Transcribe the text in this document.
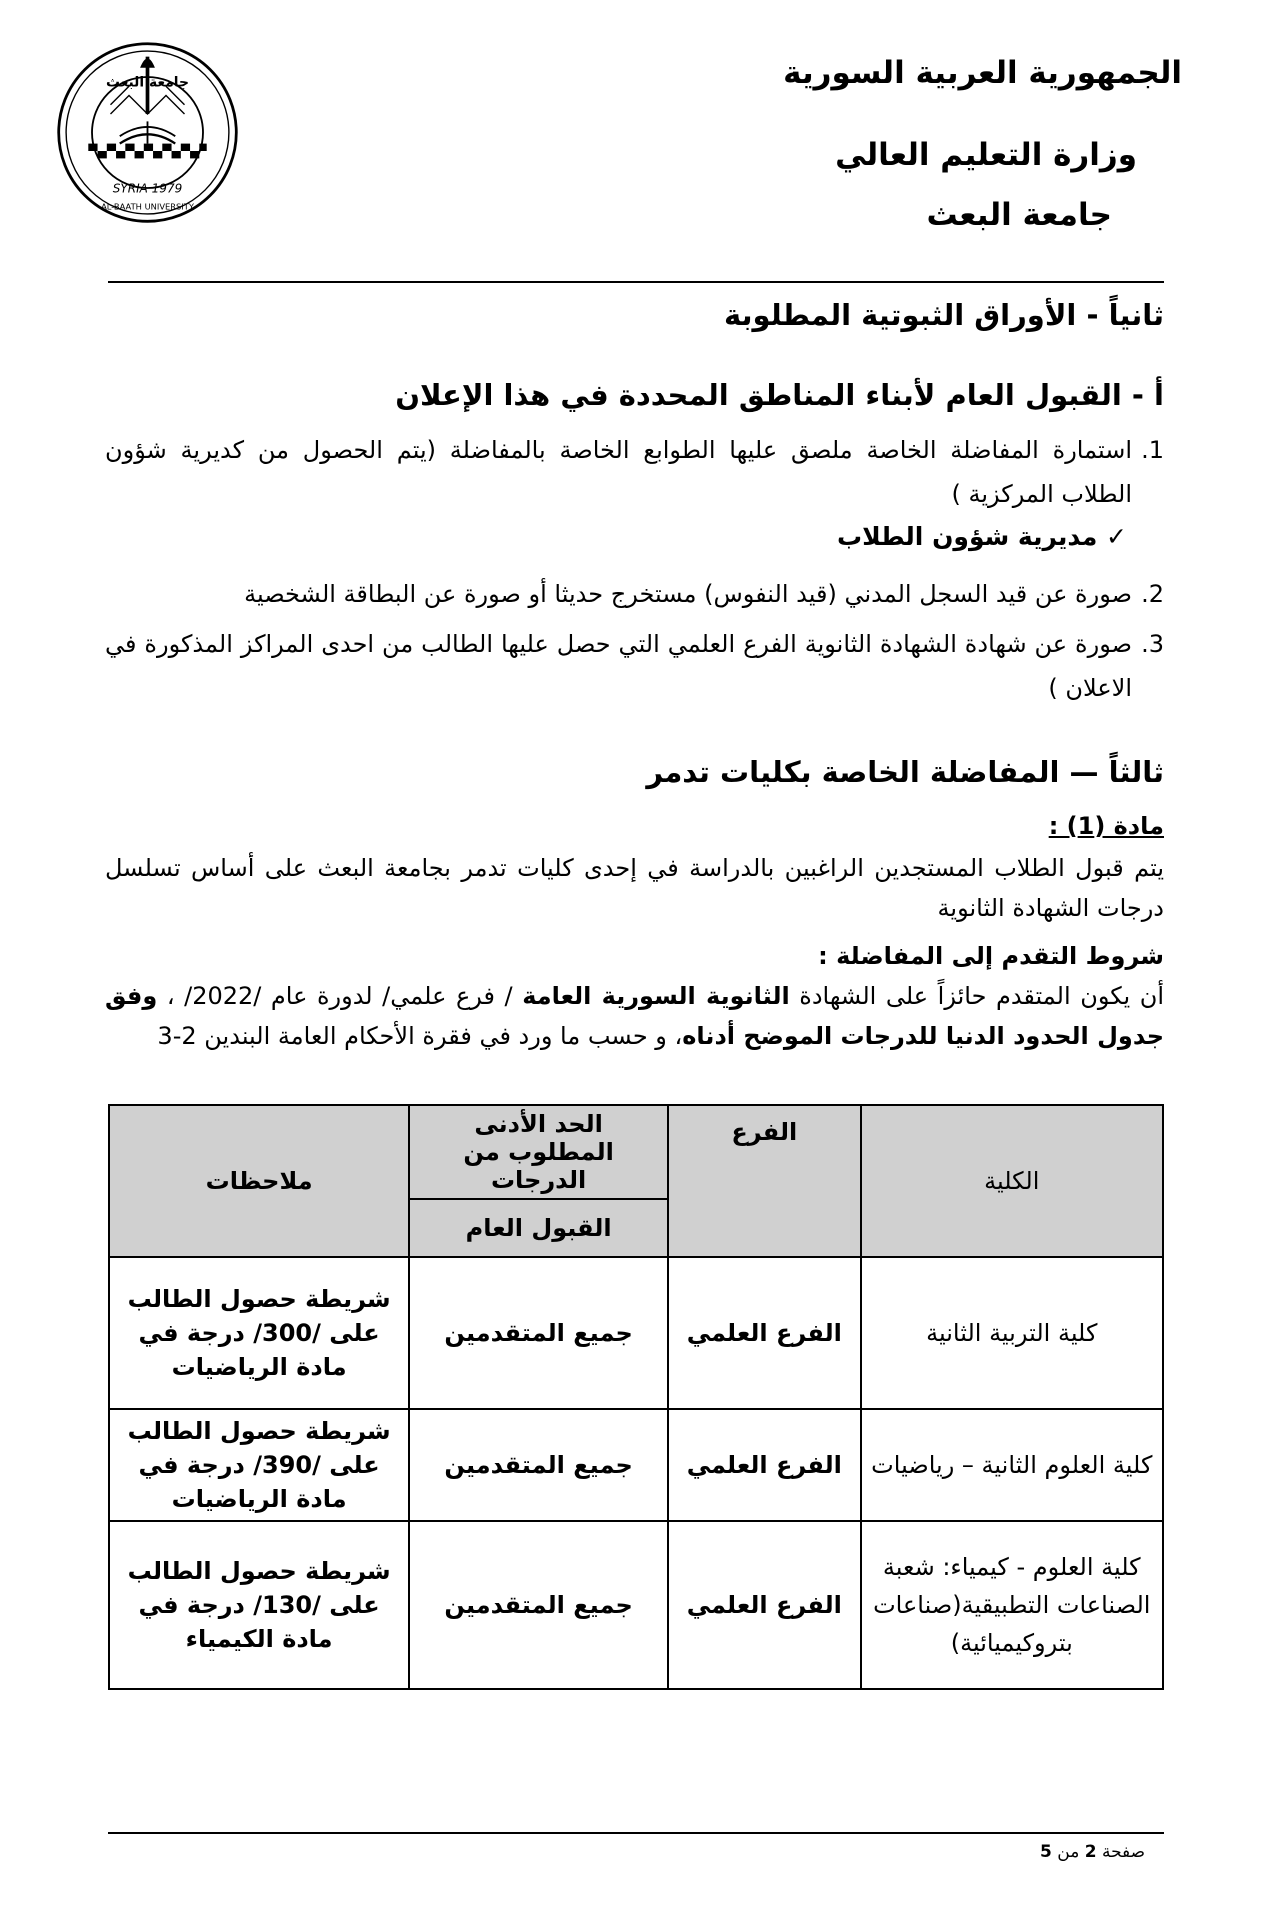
SYRIA 1979
AL-BAATH UNIVERSITY
جامعة البعث	الجمهورية العربية السورية

وزارة التعليم العالي

جامعة البعث

ثانياً - الأوراق الثبوتية المطلوبة
أ - القبول العام لأبناء المناطق المحددة في هذا الإعلان
1.
استمارة المفاضلة الخاصة ملصق عليها الطوابع الخاصة بالمفاضلة (يتم الحصول من كديرية شؤون الطلاب المركزية )
✓ مديرية شؤون الطلاب
2.
صورة عن قيد السجل المدني (قيد النفوس) مستخرج حديثا أو صورة عن البطاقة الشخصية
3.
صورة عن شهادة الشهادة الثانوية الفرع العلمي التي حصل عليها الطالب من احدى المراكز المذكورة في الاعلان )
ثالثاً — المفاضلة الخاصة بكليات تدمر
مادة (1) :
يتم قبول الطلاب المستجدين الراغبين بالدراسة في إحدى كليات تدمر بجامعة البعث على أساس تسلسل درجات الشهادة الثانوية
شروط التقدم إلى المفاضلة :
أن يكون المتقدم حائزاً على الشهادة الثانوية السورية العامة / فرع علمي/ لدورة عام /2022/ ، وفق جدول الحدود الدنيا للدرجات الموضح أدناه، و حسب ما ورد في فقرة الأحكام العامة البندين 2-3
الكلية	الفرع	الحد الأدنى المطلوب من الدرجات	ملاحظات
		القبول العام	
كلية التربية الثانية	الفرع العلمي	جميع المتقدمين	شريطة حصول الطالب على /300/ درجة في مادة الرياضيات
كلية العلوم الثانية – رياضيات	الفرع العلمي	جميع المتقدمين	شريطة حصول الطالب على /390/ درجة في مادة الرياضيات
كلية العلوم - كيمياء: شعبة الصناعات التطبيقية(صناعات بتروكيميائية)	الفرع العلمي	جميع المتقدمين	شريطة حصول الطالب على /130/ درجة في مادة الكيمياء
صفحة 2 من 5
